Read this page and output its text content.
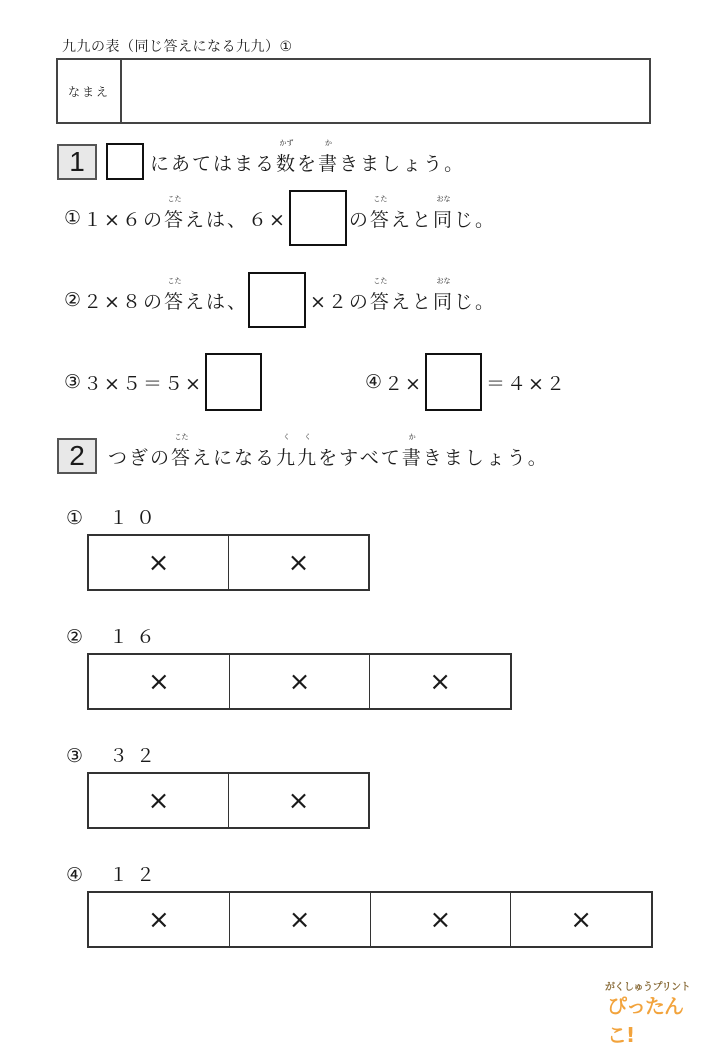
九九の表（同じ答えになる九九）①
なまえ
1	にあてはまる
かず
数を
か
書きましょう。
① １×６の
こた
答 えは、６×	の
こた
答 えと
おな
同 じ。
② ２×８の
こた
答 えは、	×２の
こた
答 えと
おな
同 じ。
③ ３×５＝５×	④ ２×	＝４×２
2	つぎの
こた
答えになる
く
九
く
九をすべて
か
書きましょう。
① １０
×	×
② １６
×	×	×
③ ３２
×	×
④ １２
×	×	×	×
がくしゅうプリント
ぴったんこ!
